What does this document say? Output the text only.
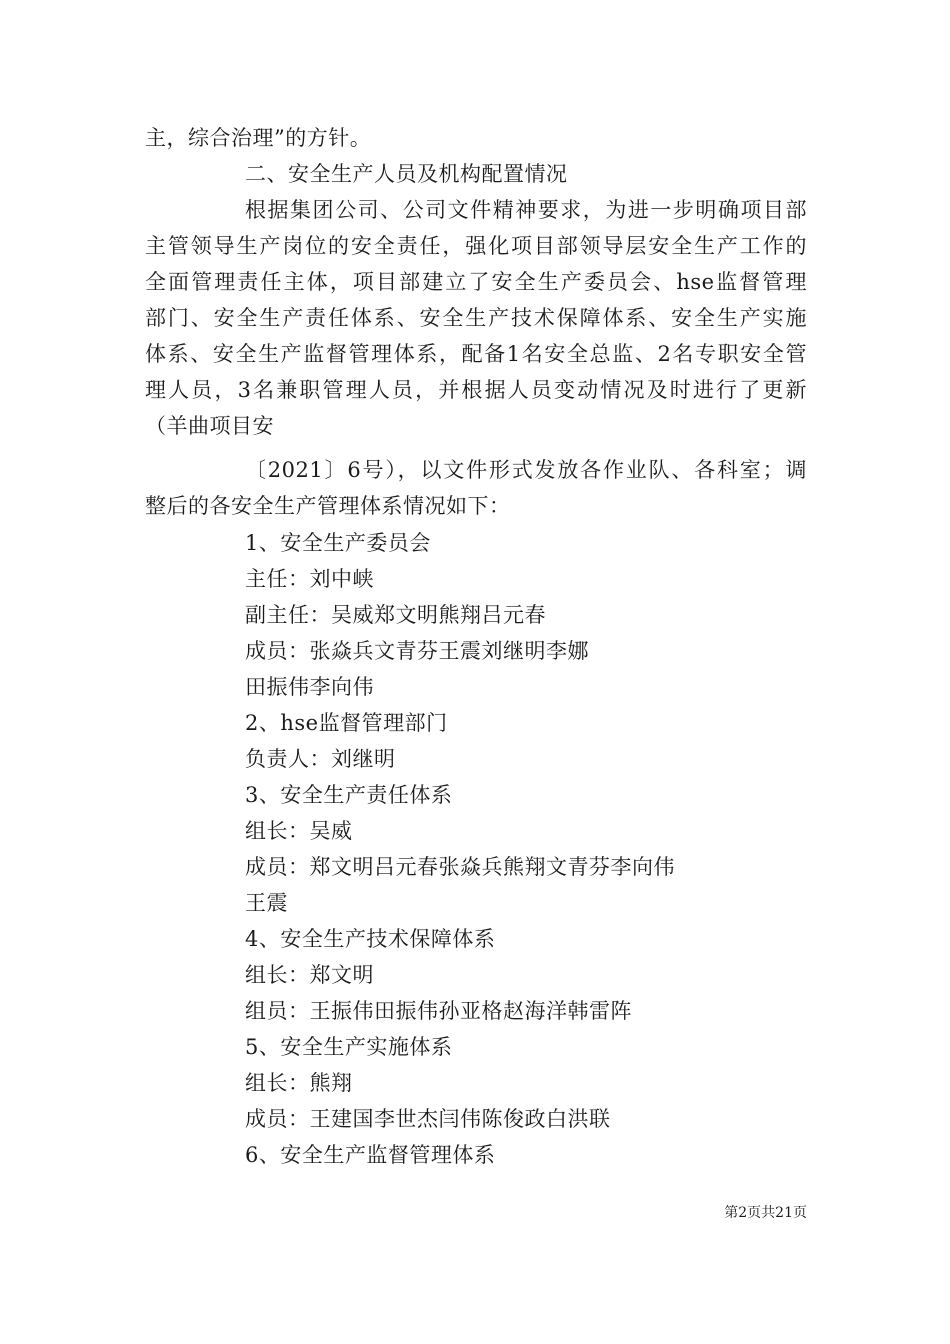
主，综合治理”的方针。
二、安全生产人员及机构配置情况
根据集团公司、公司文件精神要求，为进一步明确项目部
主管领导生产岗位的安全责任，强化项目部领导层安全生产工作的
全面管理责任主体，项目部建立了安全生产委员会、hse监督管理
部门、安全生产责任体系、安全生产技术保障体系、安全生产实施
体系、安全生产监督管理体系，配备1名安全总监、2名专职安全管
理人员，3名兼职管理人员，并根据人员变动情况及时进行了更新
（羊曲项目安
〔2021〕6号），以文件形式发放各作业队、各科室；调
整后的各安全生产管理体系情况如下：
1、安全生产委员会
主任：刘中峡
副主任：吴威郑文明熊翔吕元春
成员：张焱兵文青芬王震刘继明李娜
田振伟李向伟
2、hse监督管理部门
负责人：刘继明
3、安全生产责任体系
组长：吴威
成员：郑文明吕元春张焱兵熊翔文青芬李向伟
王震
4、安全生产技术保障体系
组长：郑文明
组员：王振伟田振伟孙亚格赵海洋韩雷阵
5、安全生产实施体系
组长：熊翔
成员：王建国李世杰闫伟陈俊政白洪联
6、安全生产监督管理体系
第2页共21页
